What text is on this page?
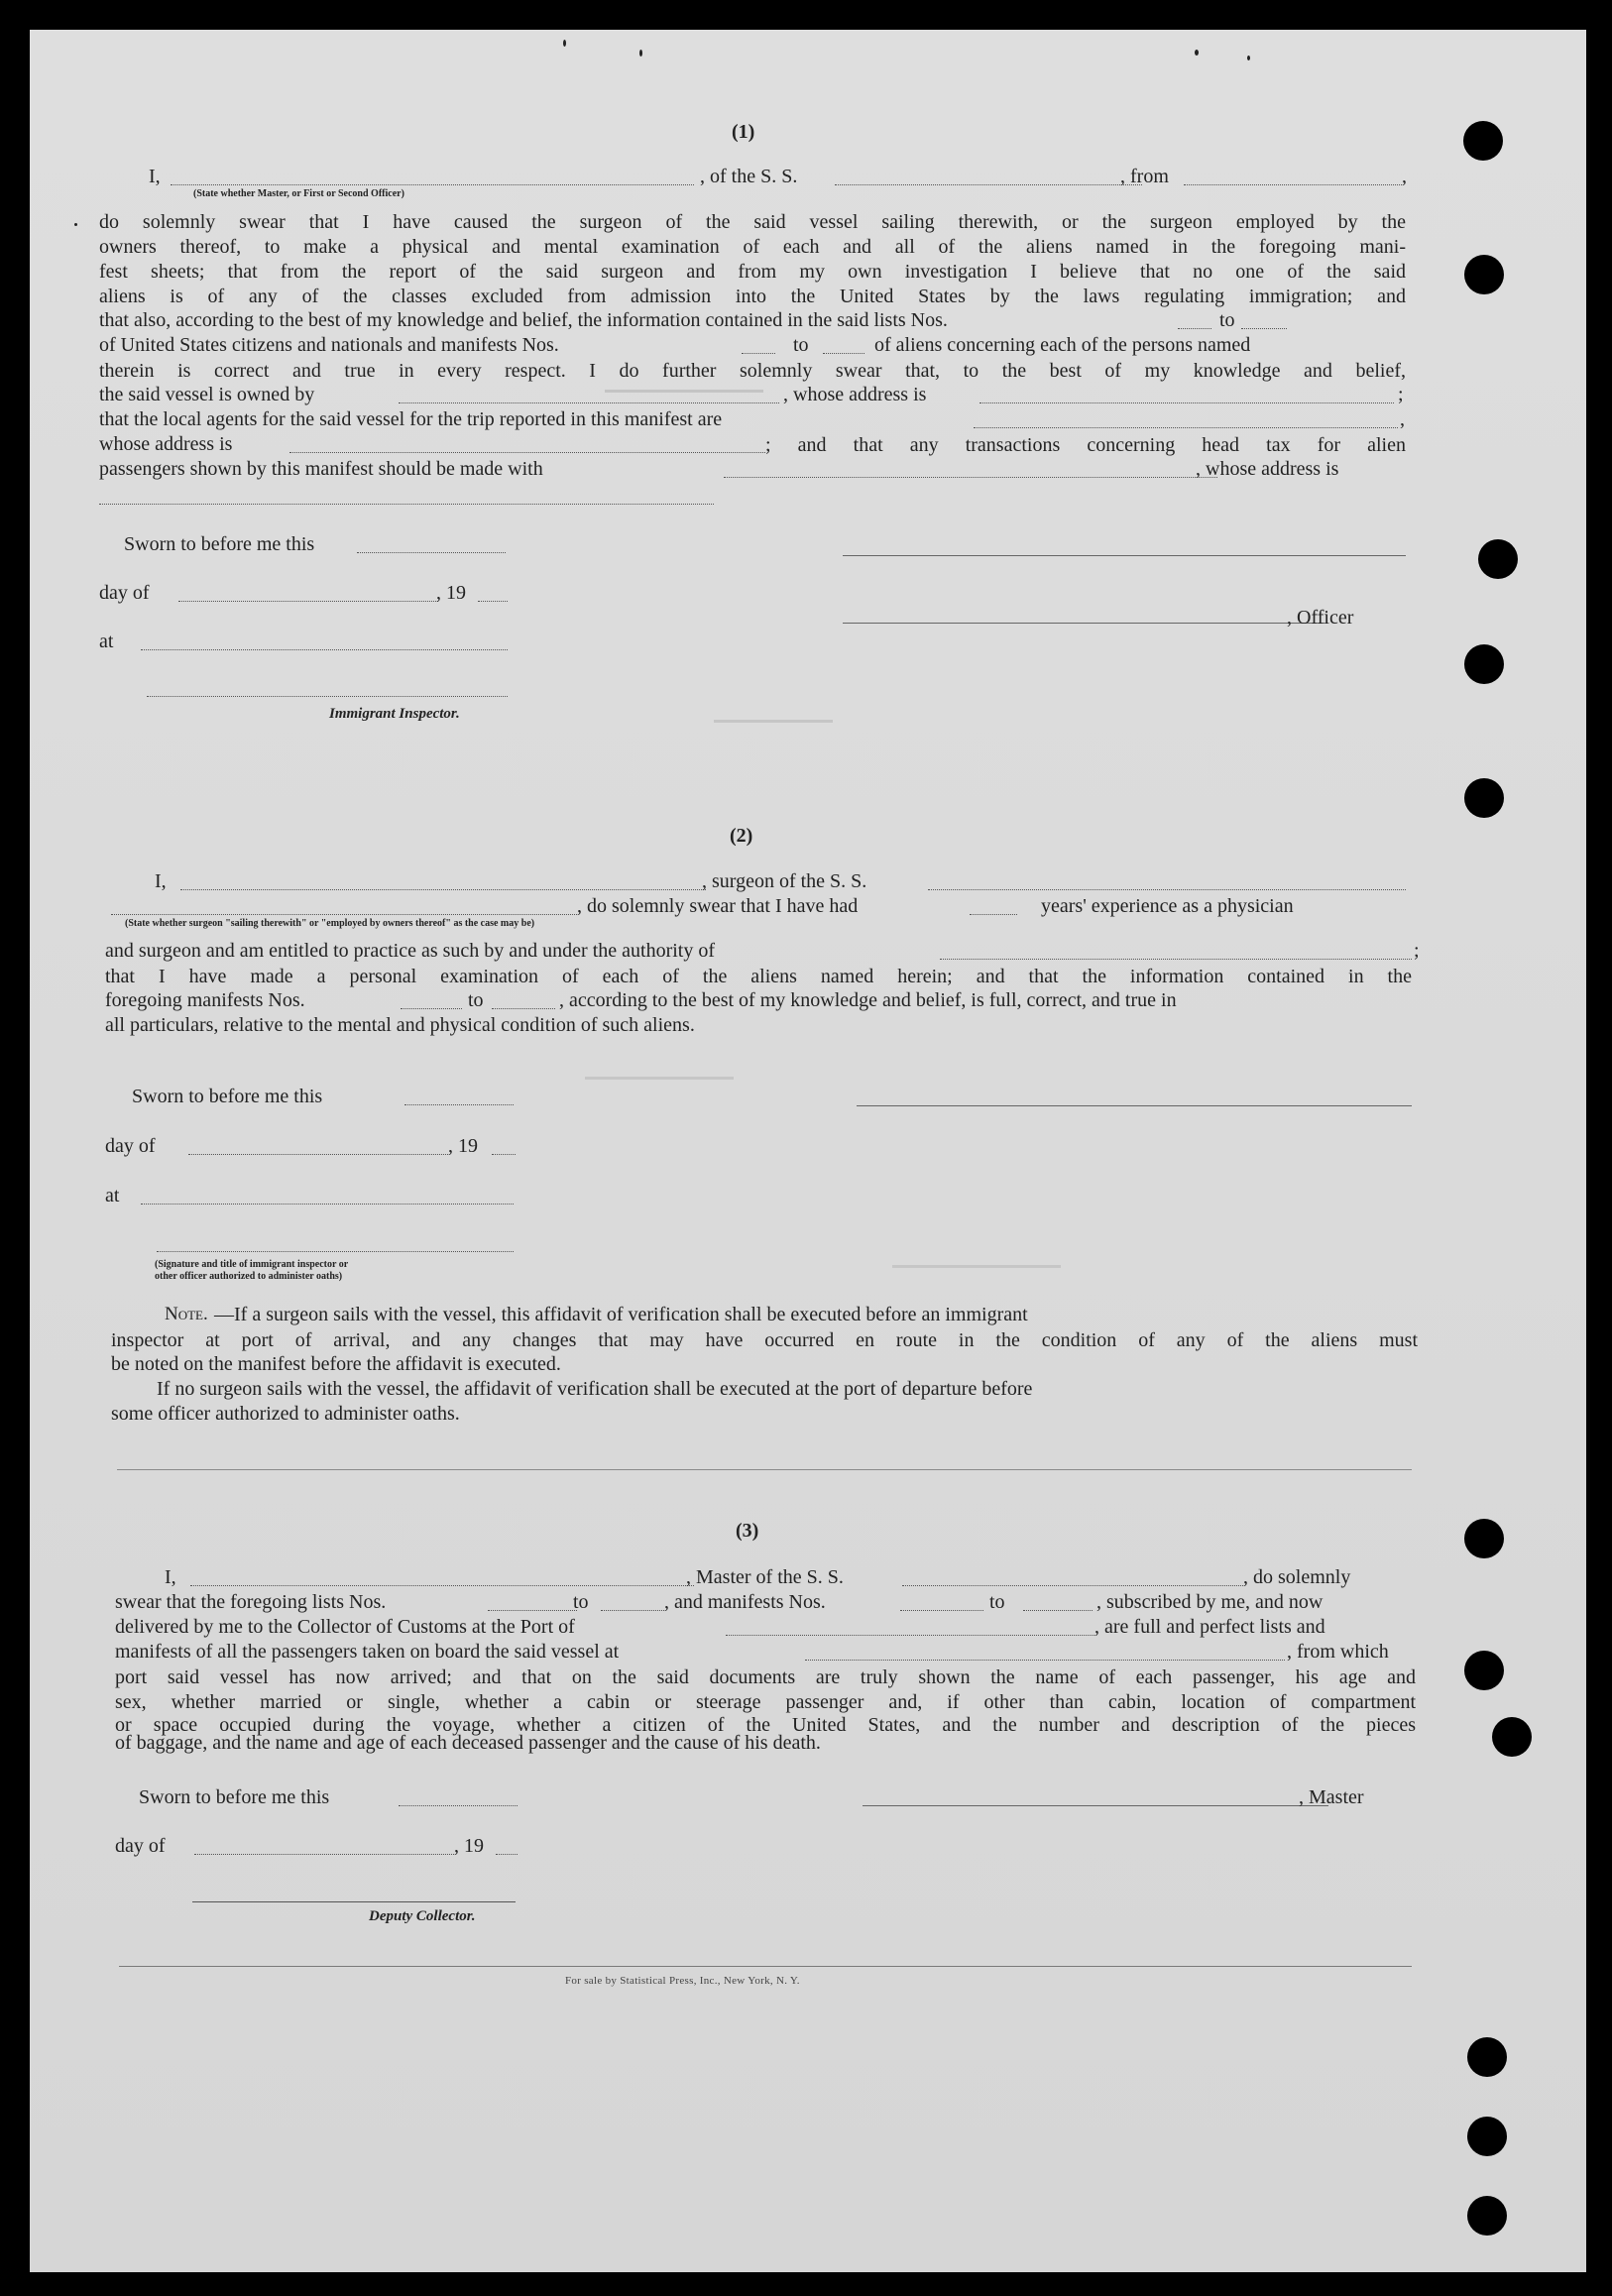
(1)
I,
(State whether Master, or First or Second Officer)
, of the S. S.	, from	,
do solemnly swear that I have caused the surgeon of the said vessel sailing therewith, or the surgeon employed by the
owners thereof, to make a physical and mental examination of each and all of the aliens named in the foregoing mani-
fest sheets; that from the report of the said surgeon and from my own investigation I believe that no one of the said
aliens is of any of the classes excluded from admission into the United States by the laws regulating immigration; and
that also, according to the best of my knowledge and belief, the information contained in the said lists Nos.	to
of United States citizens and nationals and manifests Nos.	to	of aliens concerning each of the persons named
therein is correct and true in every respect. I do further solemnly swear that, to the best of my knowledge and belief,
the said vessel is owned by	, whose address is	;
that the local agents for the said vessel for the trip reported in this manifest are	,
whose address is	; and that any transactions concerning head tax for alien
passengers shown by this manifest should be made with	, whose address is
Sworn to before me this
day of	, 19
, Officer
at
Immigrant Inspector.
(2)
I,	, surgeon of the S. S.
, do solemnly swear that I have had	years' experience as a physician
(State whether surgeon "sailing therewith" or "employed by owners thereof" as the case may be)
and surgeon and am entitled to practice as such by and under the authority of	;
that I have made a personal examination of each of the aliens named herein; and that the information contained in the
foregoing manifests Nos.	to	, according to the best of my knowledge and belief, is full, correct, and true in
all particulars, relative to the mental and physical condition of such aliens.
Sworn to before me this
day of	, 19
at
(Signature and title of immigrant inspector or
other officer authorized to administer oaths)
Note. —If a surgeon sails with the vessel, this affidavit of verification shall be executed before an immigrant
inspector at port of arrival, and any changes that may have occurred en route in the condition of any of the aliens must
be noted on the manifest before the affidavit is executed.
If no surgeon sails with the vessel, the affidavit of verification shall be executed at the port of departure before
some officer authorized to administer oaths.
(3)
I,	, Master of the S. S.	, do solemnly
swear that the foregoing lists Nos.	to	, and manifests Nos.	to	, subscribed by me, and now
delivered by me to the Collector of Customs at the Port of	, are full and perfect lists and
manifests of all the passengers taken on board the said vessel at	, from which
port said vessel has now arrived; and that on the said documents are truly shown the name of each passenger, his age and
sex, whether married or single, whether a cabin or steerage passenger and, if other than cabin, location of compartment
or space occupied during the voyage, whether a citizen of the United States, and the number and description of the pieces
of baggage, and the name and age of each deceased passenger and the cause of his death.
Sworn to before me this	, Master
day of	, 19
Deputy Collector.
For sale by Statistical Press, Inc., New York, N. Y.
